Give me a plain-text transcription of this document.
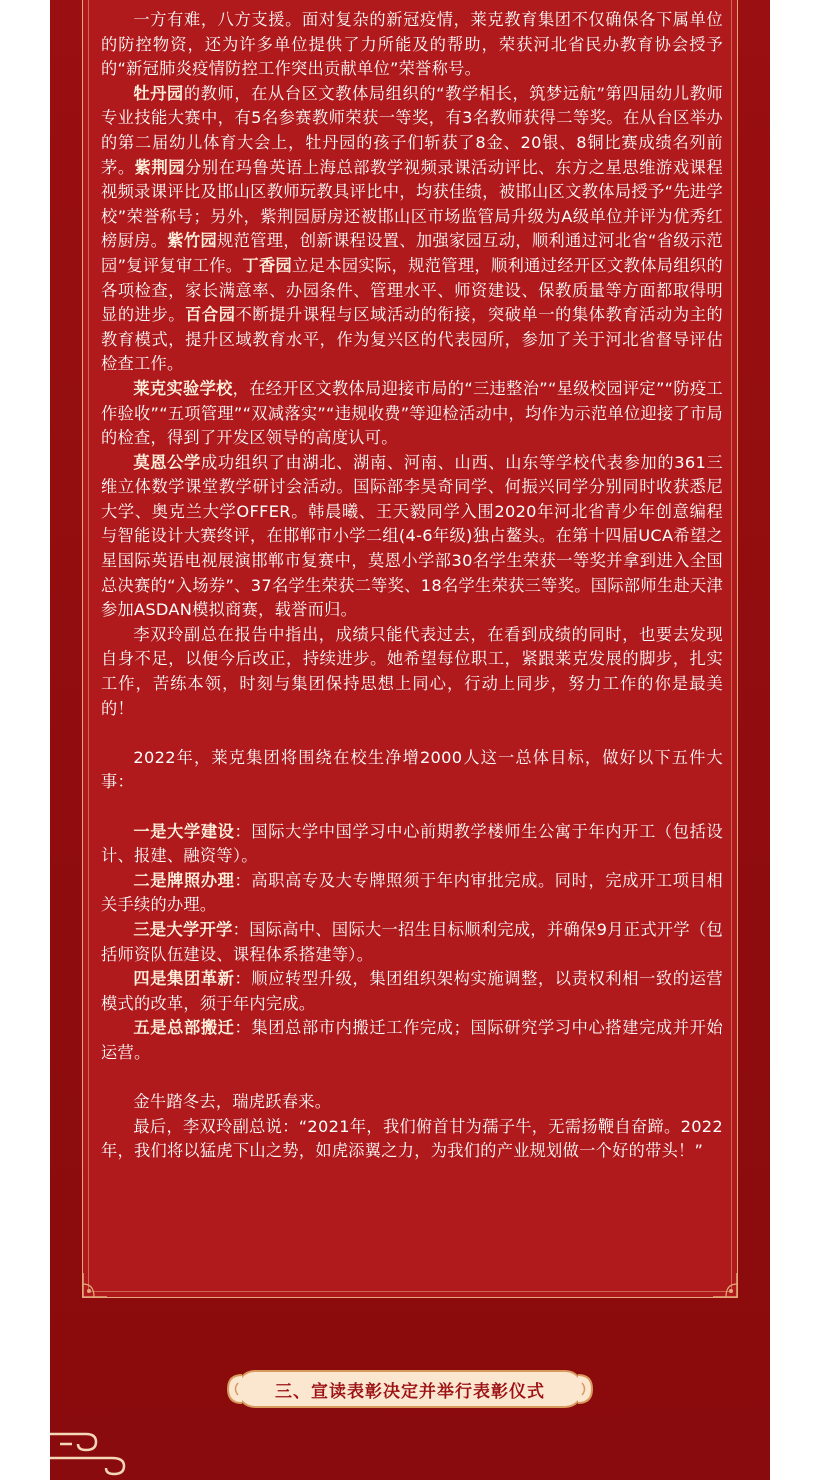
一方有难，八方支援。面对复杂的新冠疫情，莱克教育集团不仅确保各下属单位的防控物资，还为许多单位提供了力所能及的帮助，荣获河北省民办教育协会授予的“新冠肺炎疫情防控工作突出贡献单位”荣誉称号。

牡丹园的教师，在从台区文教体局组织的“教学相长，筑梦远航”第四届幼儿教师专业技能大赛中，有5名参赛教师荣获一等奖，有3名教师获得二等奖。在从台区举办的第二届幼儿体育大会上，牡丹园的孩子们斩获了8金、20银、8铜比赛成绩名列前茅。紫荆园分别在玛鲁英语上海总部教学视频录课活动评比、东方之星思维游戏课程视频录课评比及邯山区教师玩教具评比中，均获佳绩，被邯山区文教体局授予“先进学校”荣誉称号；另外，紫荆园厨房还被邯山区市场监管局升级为A级单位并评为优秀红榜厨房。紫竹园规范管理，创新课程设置、加强家园互动，顺利通过河北省“省级示范园”复评复审工作。丁香园立足本园实际，规范管理，顺利通过经开区文教体局组织的各项检查，家长满意率、办园条件、管理水平、师资建设、保教质量等方面都取得明显的进步。百合园不断提升课程与区域活动的衔接，突破单一的集体教育活动为主的教育模式，提升区域教育水平，作为复兴区的代表园所，参加了关于河北省督导评估检查工作。

莱克实验学校，在经开区文教体局迎接市局的“三违整治”“星级校园评定”“防疫工作验收”“五项管理”“双减落实”“违规收费”等迎检活动中，均作为示范单位迎接了市局的检查，得到了开发区领导的高度认可。

莫恩公学成功组织了由湖北、湖南、河南、山西、山东等学校代表参加的361三维立体数学课堂教学研讨会活动。国际部李昊奇同学、何振兴同学分别同时收获悉尼大学、奥克兰大学OFFER。韩晨曦、王天毅同学入围2020年河北省青少年创意编程与智能设计大赛终评，在邯郸市小学二组(4-6年级)独占鳌头。在第十四届UCA希望之星国际英语电视展演邯郸市复赛中，莫恩小学部30名学生荣获一等奖并拿到进入全国总决赛的“入场券”、37名学生荣获二等奖、18名学生荣获三等奖。国际部师生赴天津参加ASDAN模拟商赛，载誉而归。

李双玲副总在报告中指出，成绩只能代表过去，在看到成绩的同时，也要去发现自身不足，以便今后改正，持续进步。她希望每位职工，紧跟莱克发展的脚步，扎实工作，苦练本领，时刻与集团保持思想上同心，行动上同步，努力工作的你是最美的！

2022年，莱克集团将围绕在校生净增2000人这一总体目标，做好以下五件大事：

一是大学建设：国际大学中国学习中心前期教学楼师生公寓于年内开工（包括设计、报建、融资等）。

二是牌照办理：高职高专及大专牌照须于年内审批完成。同时，完成开工项目相关手续的办理。

三是大学开学：国际高中、国际大一招生目标顺利完成，并确保9月正式开学（包括师资队伍建设、课程体系搭建等）。

四是集团革新：顺应转型升级，集团组织架构实施调整，以责权利相一致的运营模式的改革，须于年内完成。

五是总部搬迁：集团总部市内搬迁工作完成；国际研究学习中心搭建完成并开始运营。

金牛踏冬去，瑞虎跃春来。

最后，李双玲副总说：“2021年，我们俯首甘为孺子牛，无需扬鞭自奋蹄。2022年，我们将以猛虎下山之势，如虎添翼之力，为我们的产业规划做一个好的带头！”

三、宣读表彰决定并举行表彰仪式
